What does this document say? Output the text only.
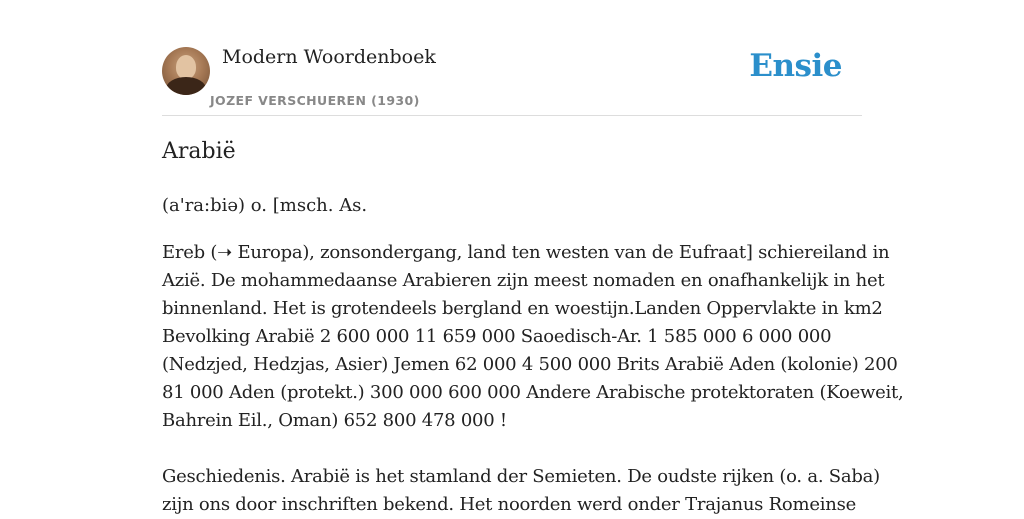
Modern Woordenboek
JOZEF VERSCHUEREN (1930)
Ensie
Arabië

(a'ra:biə) o. [msch. As.

Ereb (➝ Europa), zonsondergang, land ten westen van de Eufraat] schiereiland in
Azië. De mohammedaanse Arabieren zijn meest nomaden en onafhankelijk in het
binnenland. Het is grotendeels bergland en woestijn.Landen Oppervlakte in km2
Bevolking Arabië 2 600 000 11 659 000 Saoedisch-Ar. 1 585 000 6 000 000
(Nedzjed, Hedzjas, Asier) Jemen 62 000 4 500 000 Brits Arabië Aden (kolonie) 200
81 000 Aden (protekt.) 300 000 600 000 Andere Arabische protektoraten (Koeweit,
Bahrein Eil., Oman) 652 800 478 000 !

Geschiedenis. Arabië is het stamland der Semieten. De oudste rijken (o. a. Saba)
zijn ons door inschriften bekend. Het noorden werd onder Trajanus Romeinse
